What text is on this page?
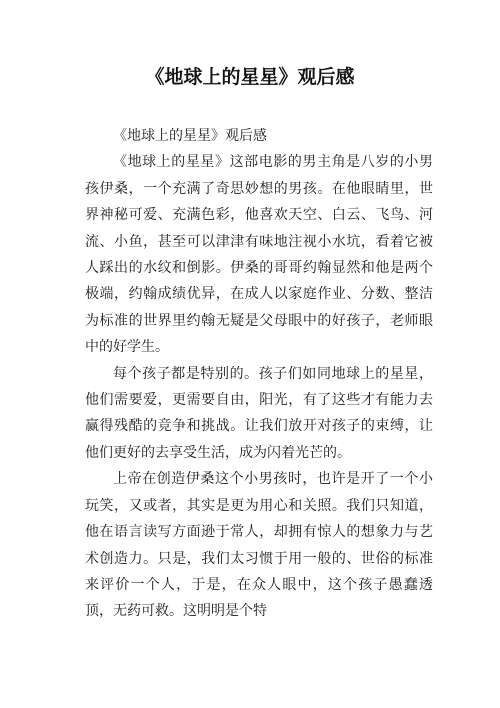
《地球上的星星》观后感

《地球上的星星》观后感

《地球上的星星》这部电影的男主角是八岁的小男孩伊桑，一个充满了奇思妙想的男孩。在他眼睛里，世界神秘可爱、充满色彩，他喜欢天空、白云、飞鸟、河流、小鱼，甚至可以津津有味地注视小水坑，看着它被人踩出的水纹和倒影。伊桑的哥哥约翰显然和他是两个极端，约翰成绩优异，在成人以家庭作业、分数、整洁为标准的世界里约翰无疑是父母眼中的好孩子，老师眼中的好学生。

每个孩子都是特别的。孩子们如同地球上的星星，他们需要爱，更需要自由，阳光，有了这些才有能力去赢得残酷的竞争和挑战。让我们放开对孩子的束缚，让他们更好的去享受生活，成为闪着光芒的。

上帝在创造伊桑这个小男孩时，也许是开了一个小玩笑，又或者，其实是更为用心和关照。我们只知道，他在语言读写方面逊于常人，却拥有惊人的想象力与艺术创造力。只是，我们太习惯于用一般的、世俗的标准来评价一个人，于是，在众人眼中，这个孩子愚蠢透顶，无药可救。这明明是个特
